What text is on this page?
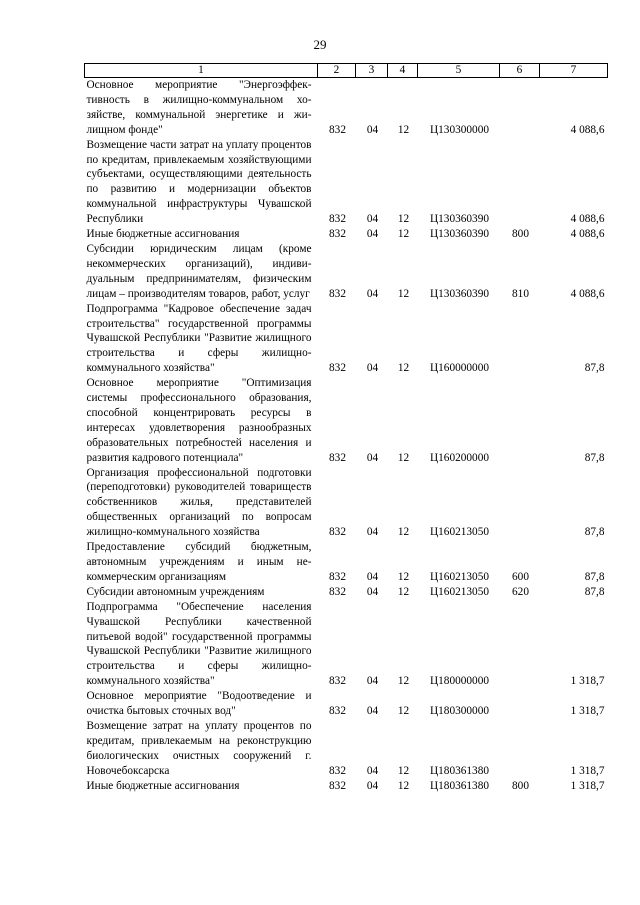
29
1	2	3	4	5	6	7
Основное мероприятие "Энергоэффективность в жилищно-коммунальном хозяйстве, коммунальной энергетике и жилищном фонде"	832	04	12	Ц130300000		4 088,6
Возмещение части затрат на уплату процентов по кредитам, привлекаемым хозяйствующими субъектами, осуществляющими деятельность по развитию и модернизации объектов коммунальной инфраструктуры Чувашской Республики	832	04	12	Ц130360390		4 088,6
Иные бюджетные ассигнования	832	04	12	Ц130360390	800	4 088,6
Субсидии юридическим лицам (кроме некоммерческих организаций), индивидуальным предпринимателям, физическим лицам – производителям товаров, работ, услуг	832	04	12	Ц130360390	810	4 088,6
Подпрограмма "Кадровое обеспечение задач строительства" государственной программы Чувашской Республики "Развитие жилищного строительства и сферы жилищно-коммунального хозяйства"	832	04	12	Ц160000000		87,8
Основное мероприятие "Оптимизация системы профессионального образования, способной концентрировать ресурсы в интересах удовлетворения разнообразных образовательных потребностей населения и развития кадрового потенциала"	832	04	12	Ц160200000		87,8
Организация профессиональной подготовки (переподготовки) руководителей товариществ собственников жилья, представителей общественных организаций по вопросам жилищно-коммунального хозяйства	832	04	12	Ц160213050		87,8
Предоставление субсидий бюджетным, автономным учреждениям и иным некоммерческим организациям	832	04	12	Ц160213050	600	87,8
Субсидии автономным учреждениям	832	04	12	Ц160213050	620	87,8
Подпрограмма "Обеспечение населения Чувашской Республики качественной питьевой водой" государственной программы Чувашской Республики "Развитие жилищного строительства и сферы жилищно-коммунального хозяйства"	832	04	12	Ц180000000		1 318,7
Основное мероприятие "Водоотведение и очистка бытовых сточных вод"	832	04	12	Ц180300000		1 318,7
Возмещение затрат на уплату процентов по кредитам, привлекаемым на реконструкцию биологических очистных сооружений г. Новочебоксарска	832	04	12	Ц180361380		1 318,7
Иные бюджетные ассигнования	832	04	12	Ц180361380	800	1 318,7
